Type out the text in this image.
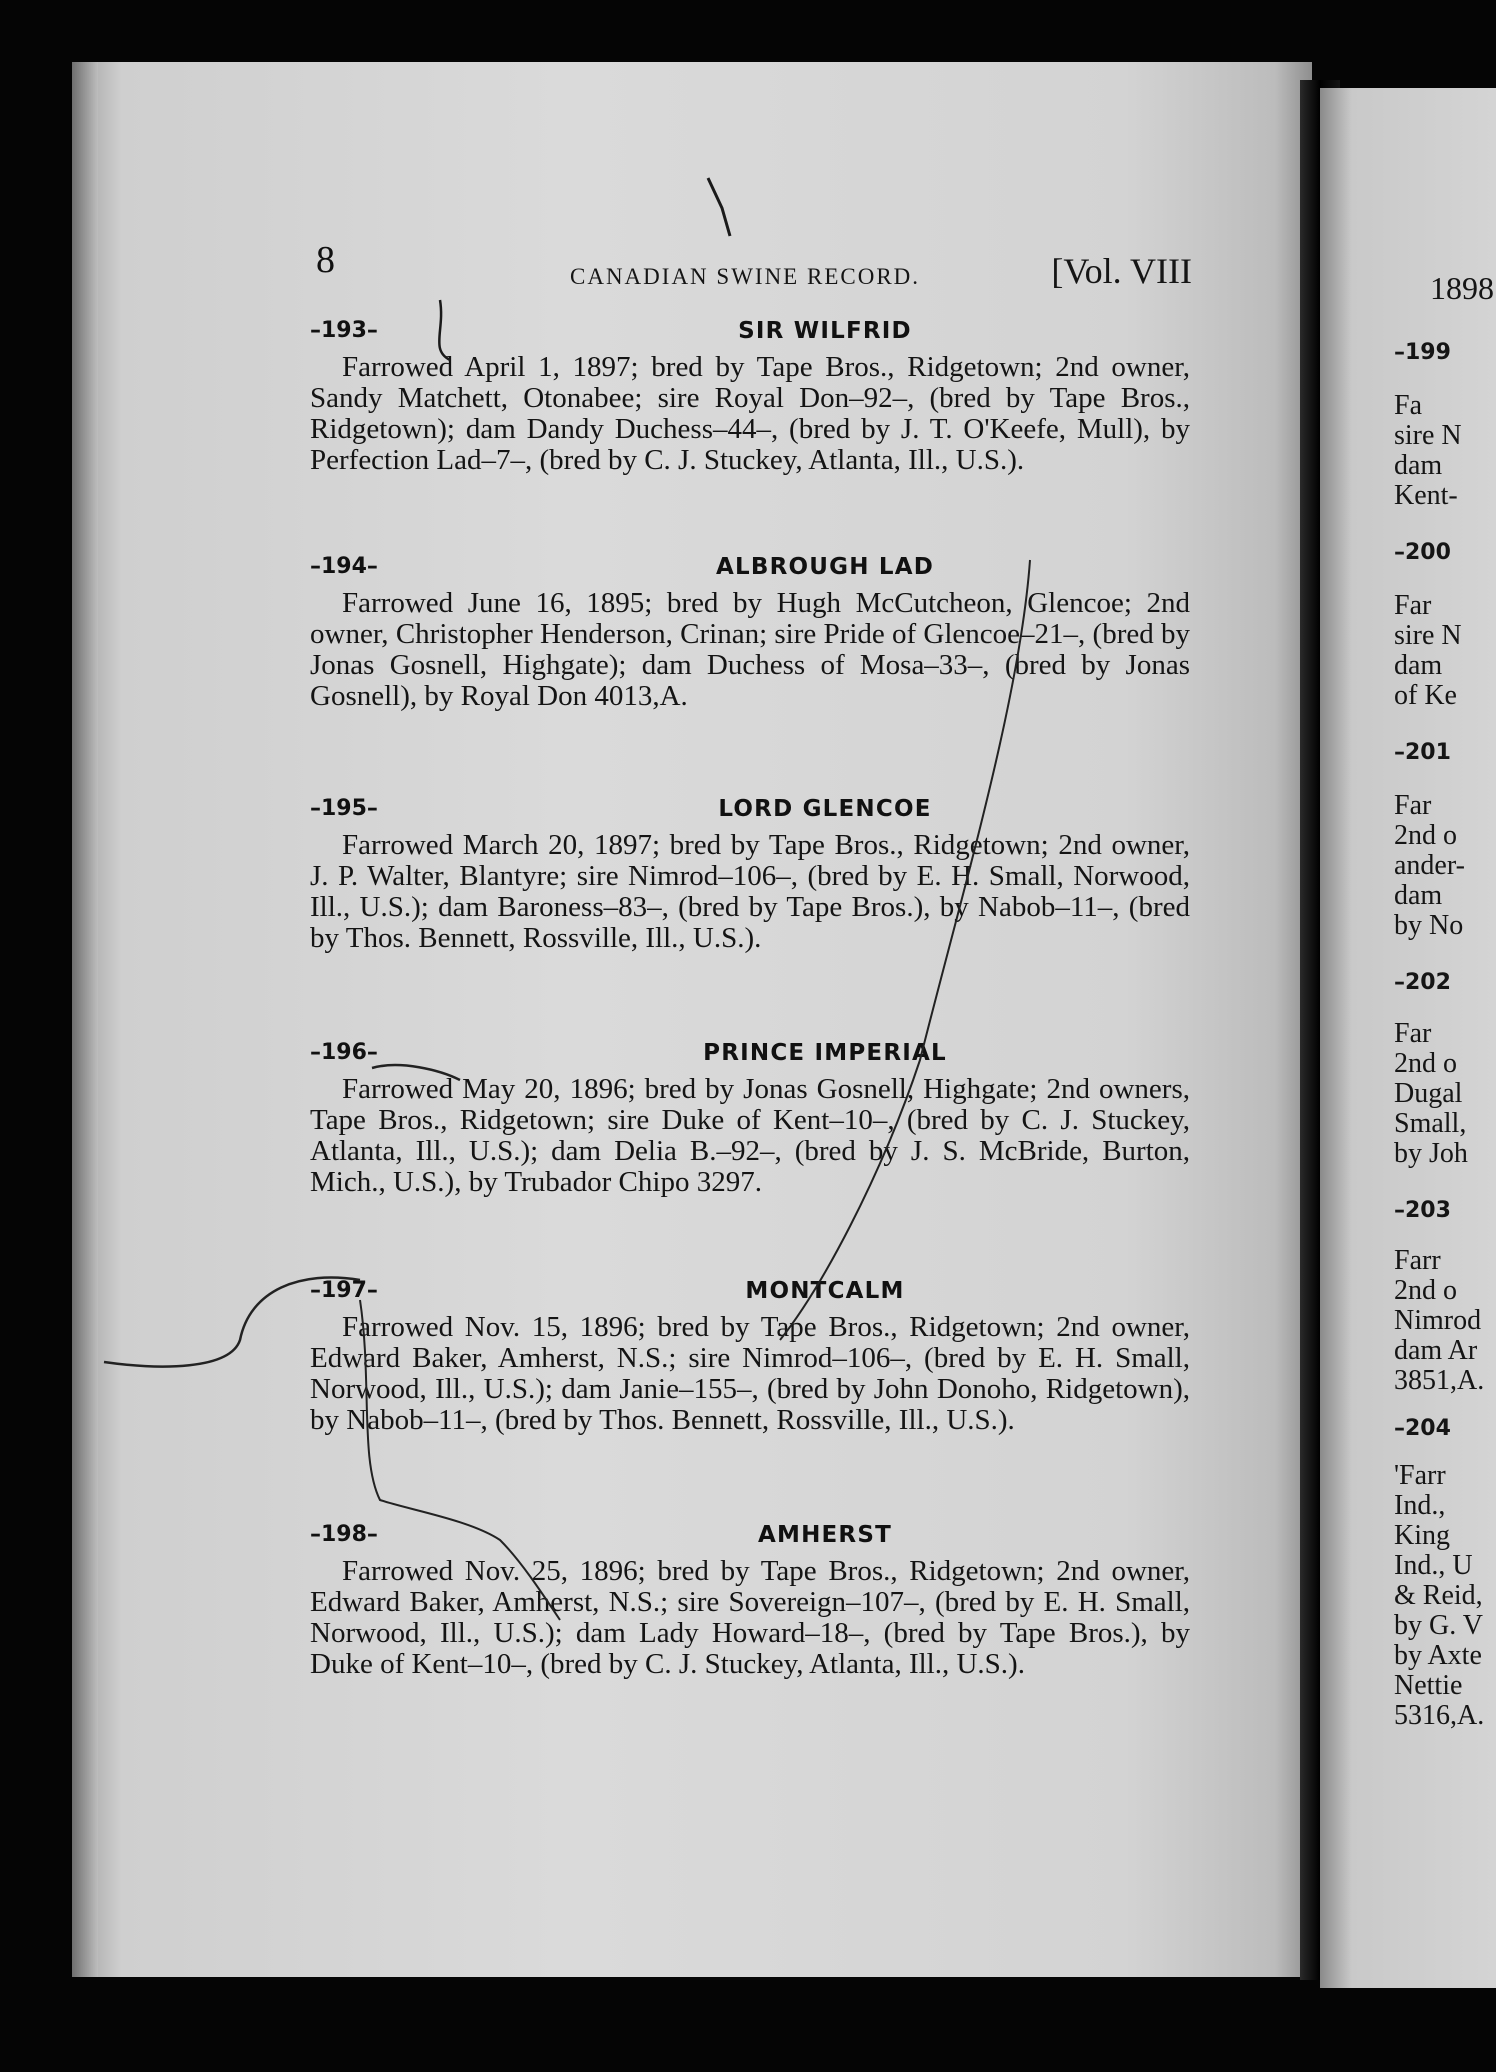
8	CANADIAN SWINE RECORD.	[Vol. VIII
–193–	SIR WILFRID

Farrowed April 1, 1897; bred by Tape Bros., Ridgetown; 2nd owner, Sandy Matchett, Otonabee; sire Royal Don–92–, (bred by Tape Bros., Ridgetown); dam Dandy Duchess–44–, (bred by J. T. O'Keefe, Mull), by Perfection Lad–7–, (bred by C. J. Stuckey, Atlanta, Ill., U.S.).

–194–	ALBROUGH LAD

Farrowed June 16, 1895; bred by Hugh McCutcheon, Glencoe; 2nd owner, Christopher Henderson, Crinan; sire Pride of Glencoe–21–, (bred by Jonas Gosnell, Highgate); dam Duchess of Mosa–33–, (bred by Jonas Gosnell), by Royal Don 4013,A.

–195–	LORD GLENCOE

Farrowed March 20, 1897; bred by Tape Bros., Ridgetown; 2nd owner, J. P. Walter, Blantyre; sire Nimrod–106–, (bred by E. H. Small, Norwood, Ill., U.S.); dam Baroness–83–, (bred by Tape Bros.), by Nabob–11–, (bred by Thos. Bennett, Rossville, Ill., U.S.).

–196–	PRINCE IMPERIAL

Farrowed May 20, 1896; bred by Jonas Gosnell, Highgate; 2nd owners, Tape Bros., Ridgetown; sire Duke of Kent–10–, (bred by C. J. Stuckey, Atlanta, Ill., U.S.); dam Delia B.–92–, (bred by J. S. McBride, Burton, Mich., U.S.), by Trubador Chipo 3297.

–197–	MONTCALM

Farrowed Nov. 15, 1896; bred by Tape Bros., Ridgetown; 2nd owner, Edward Baker, Amherst, N.S.; sire Nimrod–106–, (bred by E. H. Small, Norwood, Ill., U.S.); dam Janie–155–, (bred by John Donoho, Ridgetown), by Nabob–11–, (bred by Thos. Bennett, Rossville, Ill., U.S.).

–198–	AMHERST

Farrowed Nov. 25, 1896; bred by Tape Bros., Ridgetown; 2nd owner, Edward Baker, Amherst, N.S.; sire Sovereign–107–, (bred by E. H. Small, Norwood, Ill., U.S.); dam Lady Howard–18–, (bred by Tape Bros.), by Duke of Kent–10–, (bred by C. J. Stuckey, Atlanta, Ill., U.S.).

1898
–199
Fa
sire N
dam
Kent-
–200
Far
sire N
dam
of Ke
–201
Far
2nd o
ander-
dam
by No
–202
Far
2nd o
Dugal
Small,
by Joh
–203
Farr
2nd o
Nimrod
dam Ar
3851,A.
–204
'Farr
Ind.,
King
Ind., U
& Reid,
by G. V
by Axte
Nettie
5316,A.
